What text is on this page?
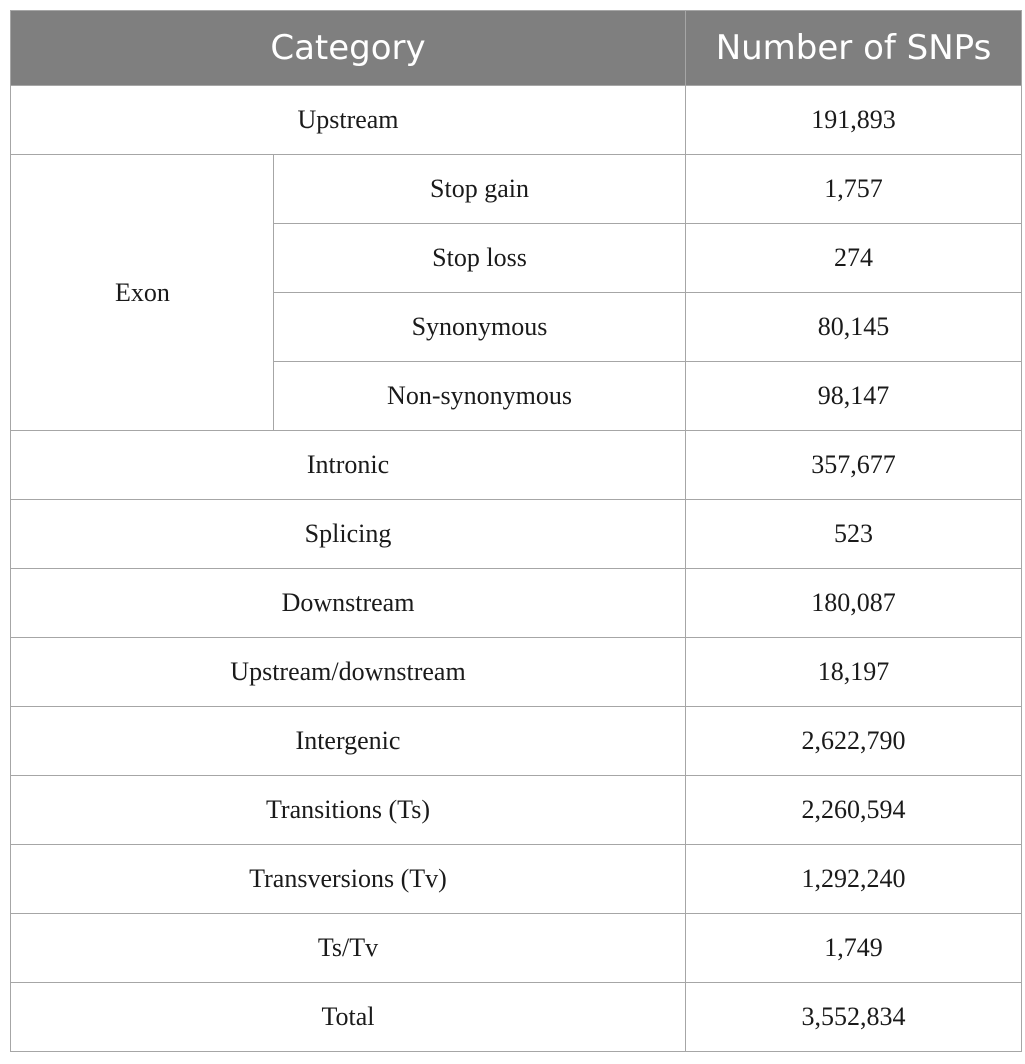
Category		Number of SNPs
Upstream		191,893
Exon	Stop gain	1,757
	Stop loss	274
	Synonymous	80,145
	Non-synonymous	98,147
Intronic		357,677
Splicing		523
Downstream		180,087
Upstream/downstream		18,197
Intergenic		2,622,790
Transitions (Ts)		2,260,594
Transversions (Tv)		1,292,240
Ts/Tv		1,749
Total		3,552,834
